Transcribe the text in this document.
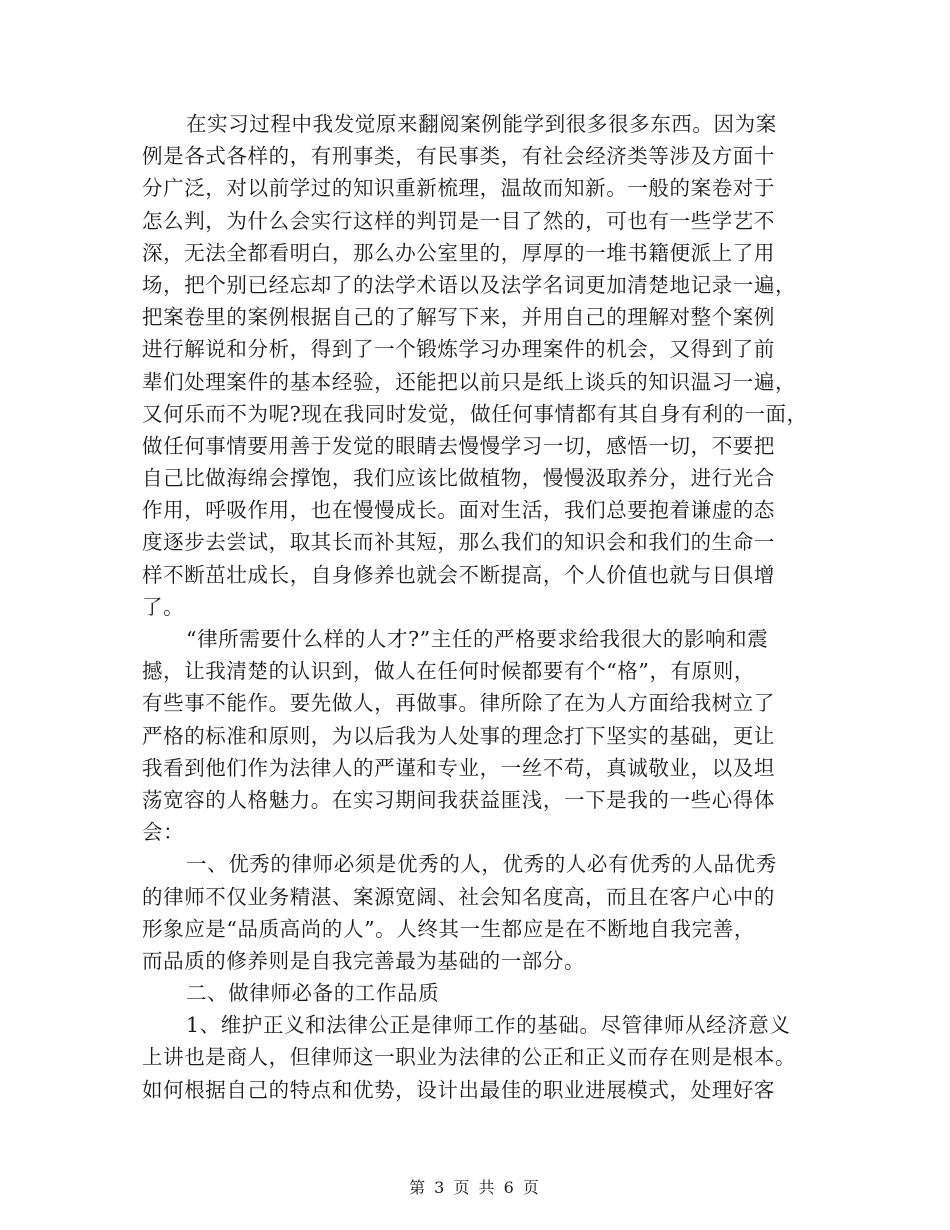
在实习过程中我发觉原来翻阅案例能学到很多很多东西。因为案
例是各式各样的，有刑事类，有民事类，有社会经济类等涉及方面十
分广泛，对以前学过的知识重新梳理，温故而知新。一般的案卷对于
怎么判，为什么会实行这样的判罚是一目了然的，可也有一些学艺不
深，无法全都看明白，那么办公室里的，厚厚的一堆书籍便派上了用
场，把个别已经忘却了的法学术语以及法学名词更加清楚地记录一遍，
把案卷里的案例根据自己的了解写下来，并用自己的理解对整个案例
进行解说和分析，得到了一个锻炼学习办理案件的机会，又得到了前
辈们处理案件的基本经验，还能把以前只是纸上谈兵的知识温习一遍，
又何乐而不为呢?现在我同时发觉，做任何事情都有其自身有利的一面，
做任何事情要用善于发觉的眼睛去慢慢学习一切，感悟一切，不要把
自己比做海绵会撑饱，我们应该比做植物，慢慢汲取养分，进行光合
作用，呼吸作用，也在慢慢成长。面对生活，我们总要抱着谦虚的态
度逐步去尝试，取其长而补其短，那么我们的知识会和我们的生命一
样不断茁壮成长，自身修养也就会不断提高，个人价值也就与日俱增
了。
“律所需要什么样的人才?”主任的严格要求给我很大的影响和震
撼，让我清楚的认识到，做人在任何时候都要有个“格”，有原则，
有些事不能作。要先做人，再做事。律所除了在为人方面给我树立了
严格的标准和原则，为以后我为人处事的理念打下坚实的基础，更让
我看到他们作为法律人的严谨和专业，一丝不苟，真诚敬业，以及坦
荡宽容的人格魅力。在实习期间我获益匪浅，一下是我的一些心得体
会：
一、优秀的律师必须是优秀的人，优秀的人必有优秀的人品优秀
的律师不仅业务精湛、案源宽阔、社会知名度高，而且在客户心中的
形象应是“品质高尚的人”。人终其一生都应是在不断地自我完善，
而品质的修养则是自我完善最为基础的一部分。
二、做律师必备的工作品质
1、维护正义和法律公正是律师工作的基础。尽管律师从经济意义
上讲也是商人，但律师这一职业为法律的公正和正义而存在则是根本。
如何根据自己的特点和优势，设计出最佳的职业进展模式，处理好客
第 3 页 共 6 页
